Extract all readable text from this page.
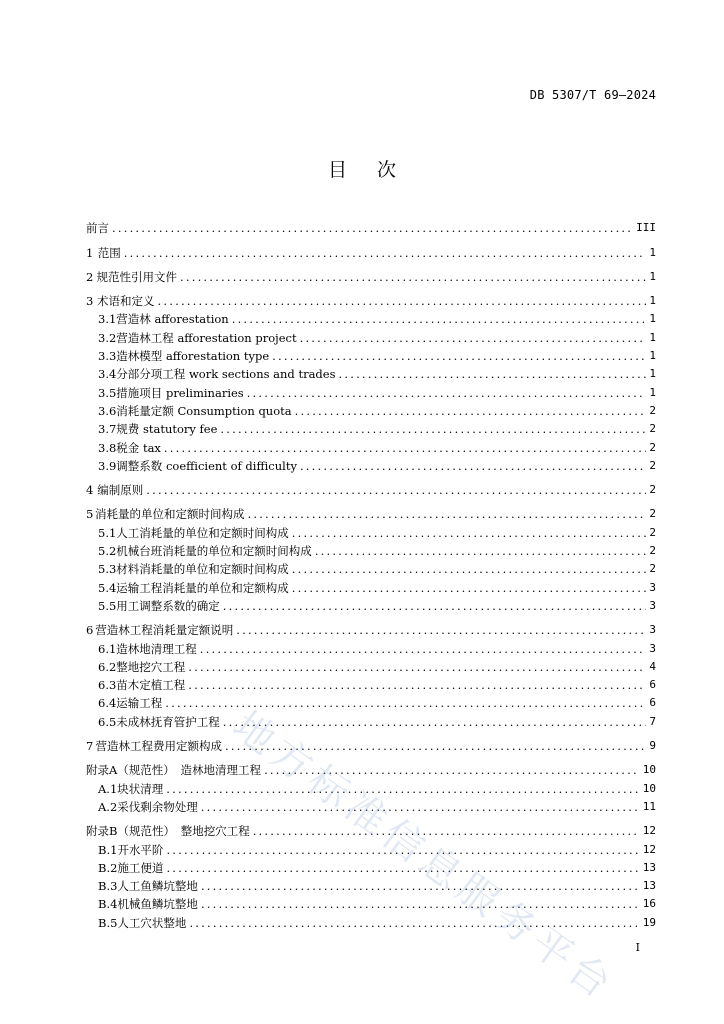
DB 5307/T 69—2024
目次
前言 .....	III
1 范围 .....	1
2 规范性引用文件 .....	1
3 术语和定义 .....	1
3.1 营造林 afforestation .....	1
3.2 营造林工程 afforestation project .....	1
3.3 造林模型 afforestation type .....	1
3.4 分部分项工程 work sections and trades .....	1
3.5 措施项目 preliminaries .....	1
3.6 消耗量定额 Consumption quota .....	2
3.7 规费 statutory fee .....	2
3.8 税金 tax .....	2
3.9 调整系数 coefficient of difficulty .....	2
4 编制原则 .....	2
5 消耗量的单位和定额时间构成 .....	2
5.1 人工消耗量的单位和定额时间构成 .....	2
5.2 机械台班消耗量的单位和定额时间构成 .....	2
5.3 材料消耗量的单位和定额时间构成 .....	2
5.4 运输工程消耗量的单位和定额构成 .....	3
5.5 用工调整系数的确定 .....	3
6 营造林工程消耗量定额说明 .....	3
6.1 造林地清理工程 .....	3
6.2 整地挖穴工程 .....	4
6.3 苗木定植工程 .....	6
6.4 运输工程 .....	6
6.5 未成林抚育管护工程 .....	7
7 营造林工程费用定额构成 .....	9
附录A（规范性）　造林地清理工程 .....	10
A.1 块状清理 .....	10
A.2 采伐剩余物处理 .....	11
附录B（规范性）　整地挖穴工程 .....	12
B.1 开水平阶 .....	12
B.2 施工便道 .....	13
B.3 人工鱼鳞坑整地 .....	13
B.4 机械鱼鳞坑整地 .....	16
B.5 人工穴状整地 .....	19
地方标准信息服务平台	I
